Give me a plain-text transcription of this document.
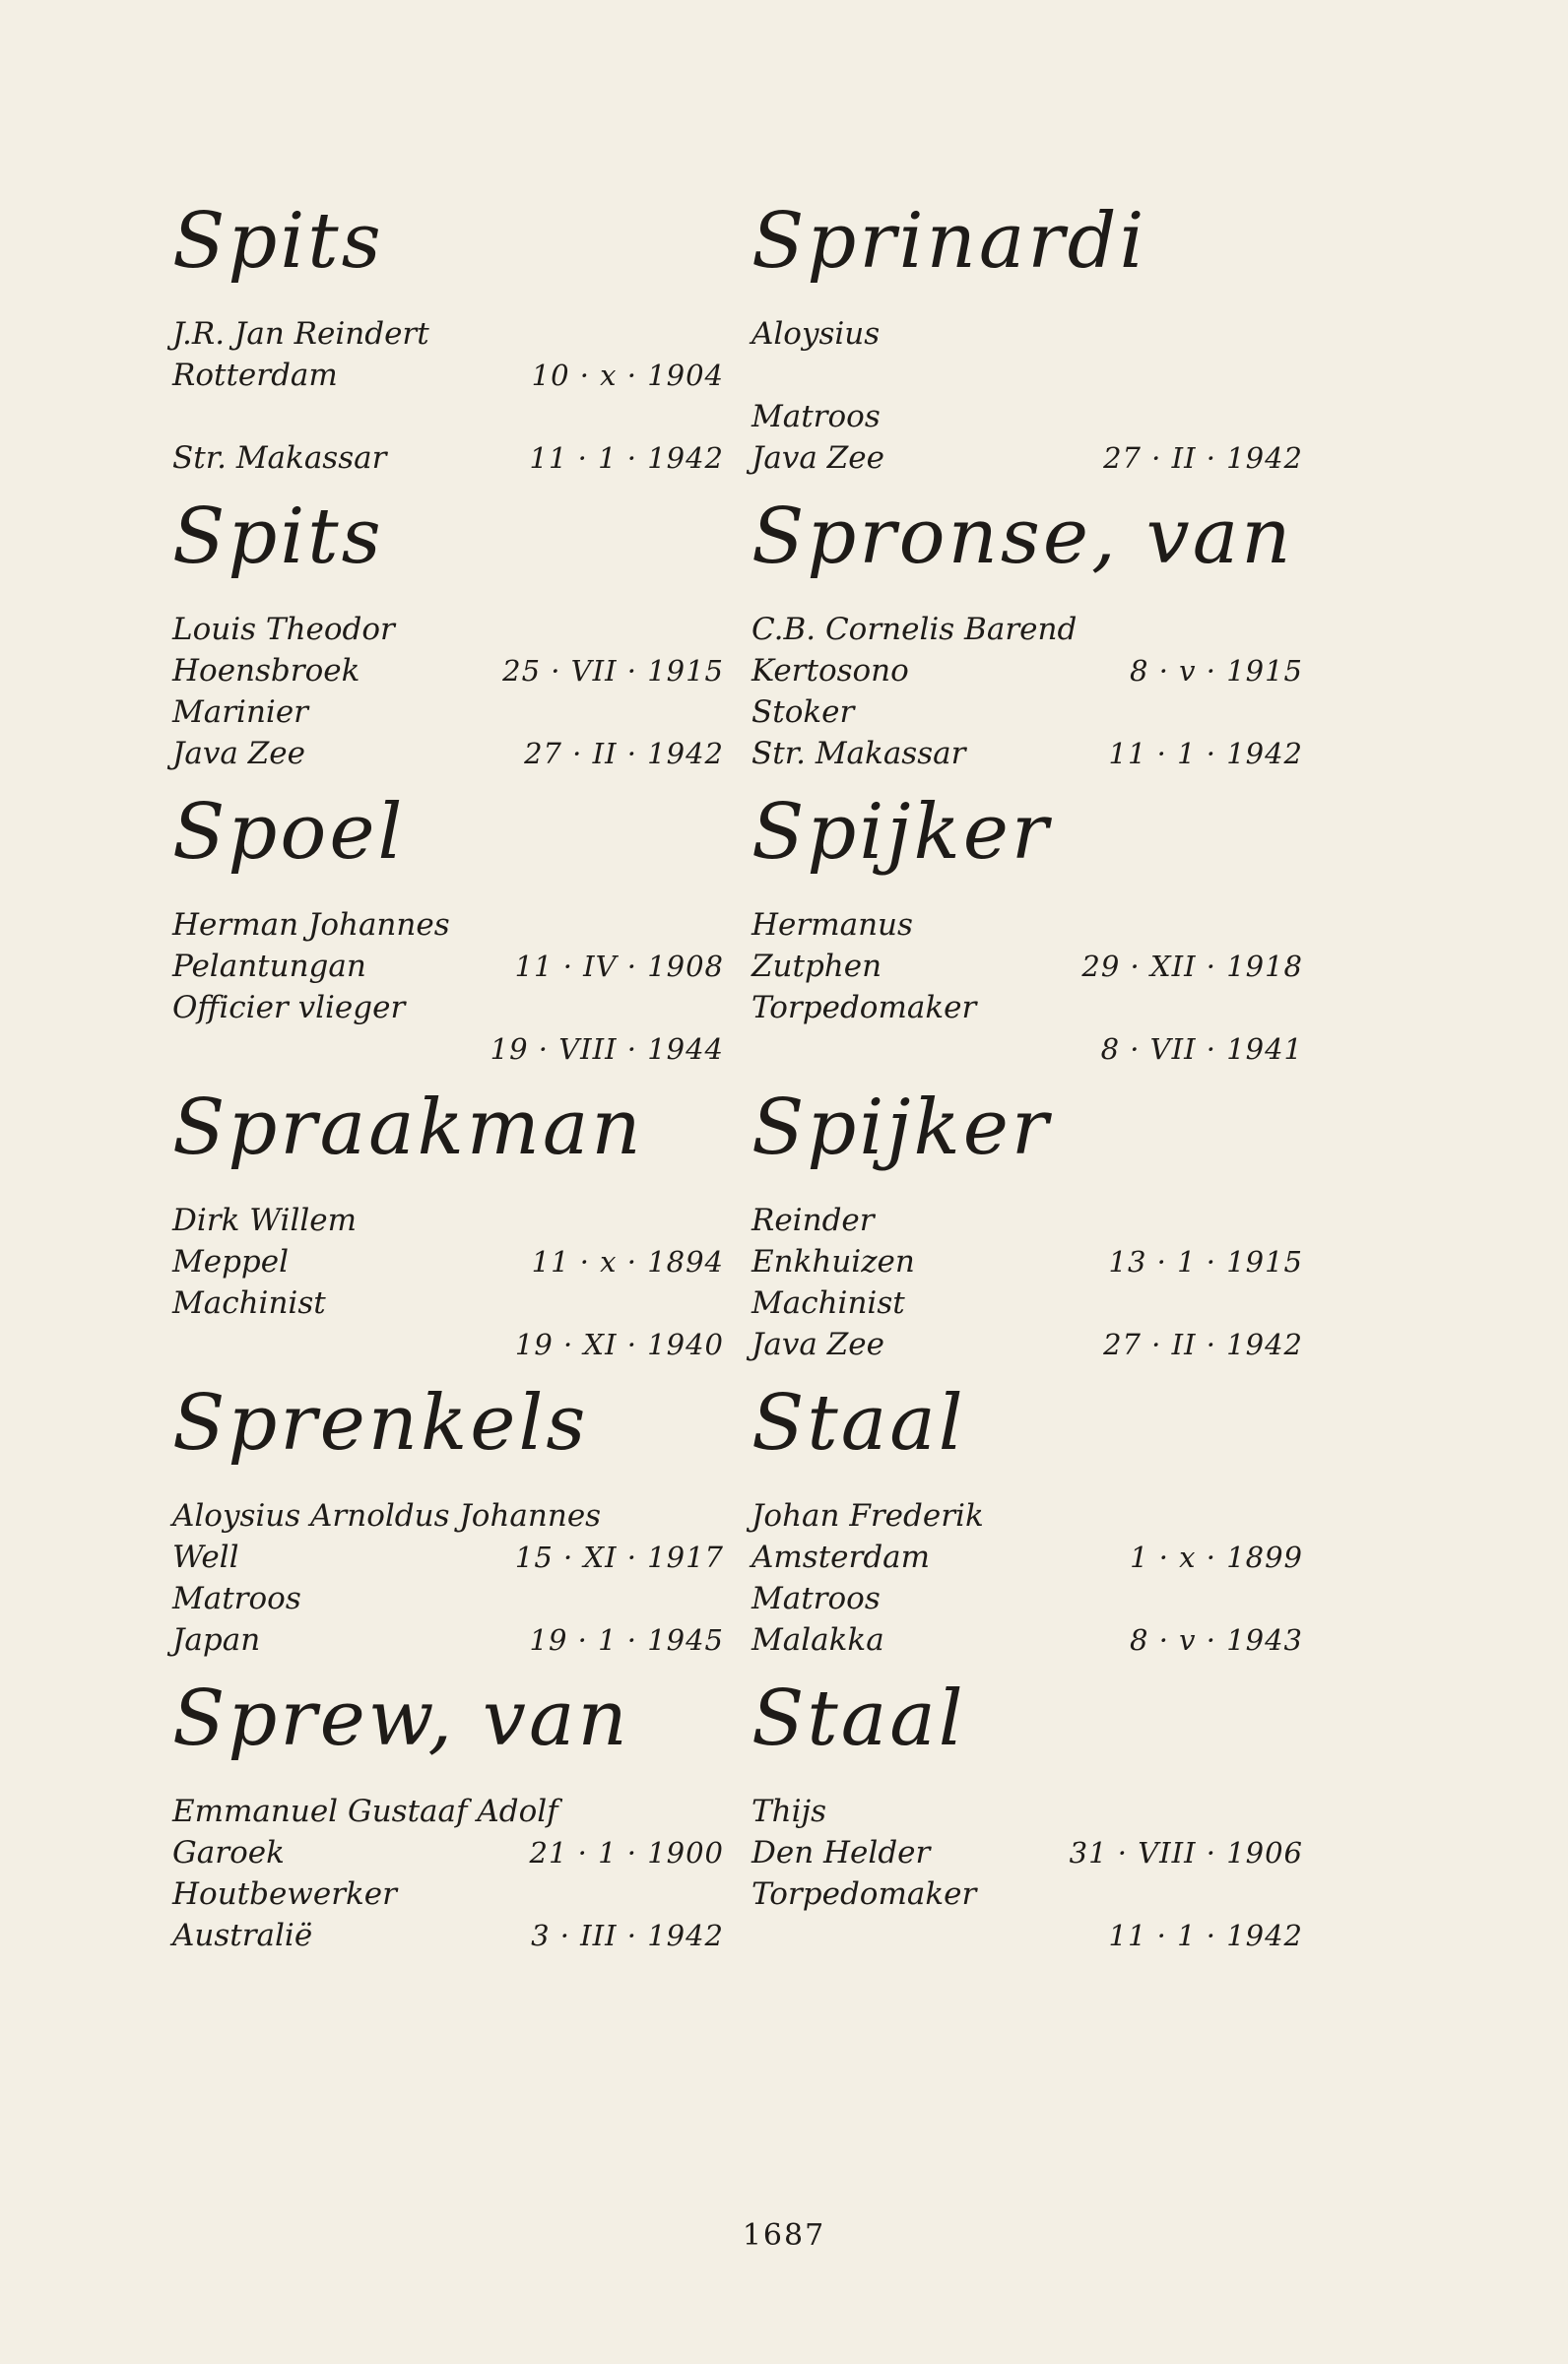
Spits
J.R. Jan Reindert
Rotterdam	10 · x · 1904
Str. Makassar	11 · 1 · 1942
Spits
Louis Theodor
Hoensbroek	25 · VII · 1915
Marinier
Java Zee	27 · II · 1942
Spoel
Herman Johannes
Pelantungan	11 · IV · 1908
Officier vlieger
19 · VIII · 1944
Spraakman
Dirk Willem
Meppel	11 · x · 1894
Machinist
19 · XI · 1940
Sprenkels
Aloysius Arnoldus Johannes
Well	15 · XI · 1917
Matroos
Japan	19 · 1 · 1945
Sprew, van
Emmanuel Gustaaf Adolf
Garoek	21 · 1 · 1900
Houtbewerker
Australië	3 · III · 1942
Sprinardi
Aloysius
Matroos
Java Zee	27 · II · 1942
Spronse, van
C.B. Cornelis Barend
Kertosono	8 · v · 1915
Stoker
Str. Makassar	11 · 1 · 1942
Spijker
Hermanus
Zutphen	29 · XII · 1918
Torpedomaker
8 · VII · 1941
Spijker
Reinder
Enkhuizen	13 · 1 · 1915
Machinist
Java Zee	27 · II · 1942
Staal
Johan Frederik
Amsterdam	1 · x · 1899
Matroos
Malakka	8 · v · 1943
Staal
Thijs
Den Helder	31 · VIII · 1906
Torpedomaker
11 · 1 · 1942
1687
